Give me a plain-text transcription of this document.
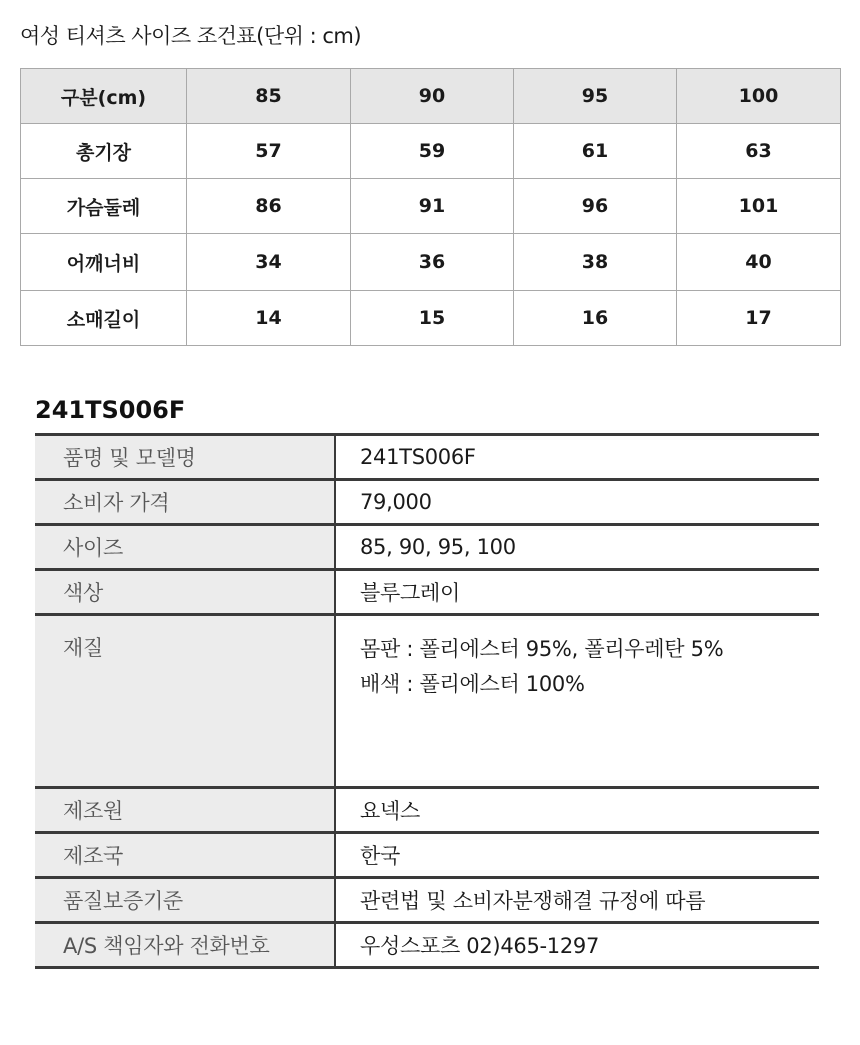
여성 티셔츠 사이즈 조건표(단위 : cm)
구분(cm)	85	90	95	100
총기장	57	59	61	63
가슴둘레	86	91	96	101
어깨너비	34	36	38	40
소매길이	14	15	16	17
241TS006F
품명 및 모델명	241TS006F
소비자 가격	79,000
사이즈	85, 90, 95, 100
색상	블루그레이
재질	몸판 : 폴리에스터 95%, 폴리우레탄 5%
배색 : 폴리에스터 100%

제조원	요넥스
제조국	한국
품질보증기준	관련법 및 소비자분쟁해결 규정에 따름
A/S 책임자와 전화번호	우성스포츠 02)465-1297
